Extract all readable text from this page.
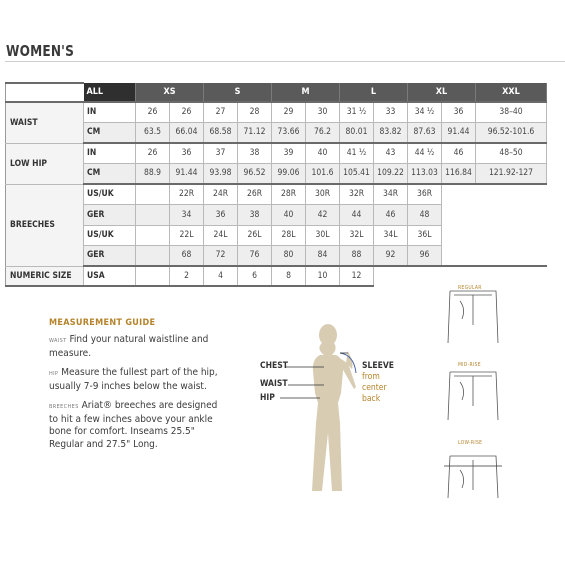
WOMEN'S
	ALL	XS		S		M		L		XL		XXL
WAIST	IN	26	26	27	28	29	30	31 ½	33	34 ½	36	38–40
	CM	63.5	66.04	68.58	71.12	73.66	76.2	80.01	83.82	87.63	91.44	96.52-101.6
LOW HIP	IN	26	36	37	38	39	40	41 ½	43	44 ½	46	48–50
	CM	88.9	91.44	93.98	96.52	99.06	101.6	105.41	109.22	113.03	116.84	121.92-127
BREECHES	US/UK		22R	24R	26R	28R	30R	32R	34R	36R		
	GER		34	36	38	40	42	44	46	48		
	US/UK		22L	24L	26L	28L	30L	32L	34L	36L		
	GER		68	72	76	80	84	88	92	96		
NUMERIC SIZE	USA		2	4	6	8	10	12				
MEASUREMENT GUIDE
WAIST Find your natural waistline and measure.
HIP Measure the fullest part of the hip, usually 7-9 inches below the waist.
BREECHES Ariat® breeches are designed to hit a few inches above your ankle bone for comfort. Inseams 25.5" Regular and 27.5" Long.
CHEST
WAIST
HIP
SLEEVE
from
center
back
REGULAR
MID-RISE
LOW-RISE
